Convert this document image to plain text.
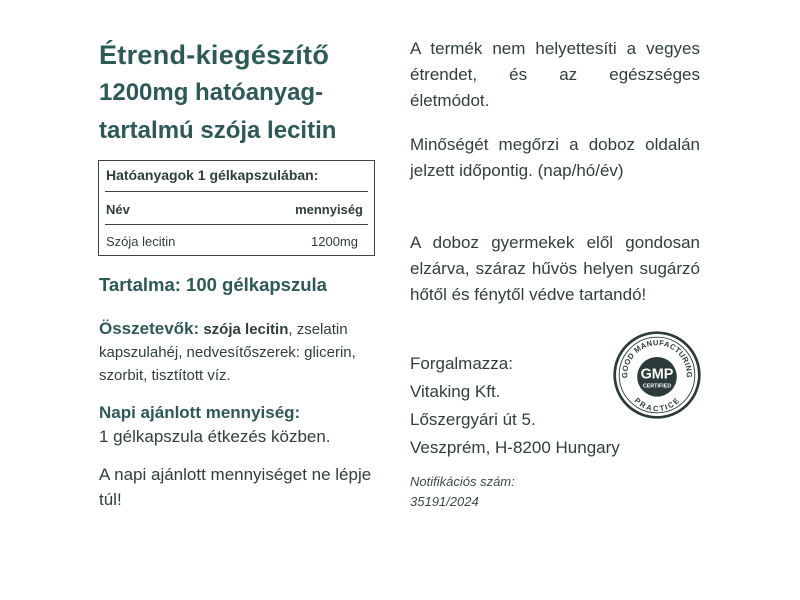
Étrend-kiegészítő
1200mg hatóanyag-
tartalmú szója lecitin
Hatóanyagok 1 gélkapszulában:
Név	mennyiség
Szója lecitin	1200mg
Tartalma: 100 gélkapszula
Összetevők: szója lecitin, zselatin kapszulahéj, nedvesítőszerek: glicerin, szorbit, tisztított víz.
Napi ajánlott mennyiség:
1 gélkapszula étkezés közben.
A napi ajánlott mennyiséget ne lépje túl!
A termék nem helyettesíti a vegyes étrendet, és az egészséges életmódot.
Minőségét megőrzi a doboz oldalán jelzett időpontig. (nap/hó/év)
A doboz gyermekek elől gondosan elzárva, száraz hűvös helyen sugárzó hőtől és fénytől védve tartandó!
Forgalmazza:
Vitaking Kft.
Lőszergyári út 5.
Veszprém, H-8200 Hungary
Notifikációs szám:
35191/2024
GOOD MANUFACTURING
PRACTICE
GMP
CERTIFIED
